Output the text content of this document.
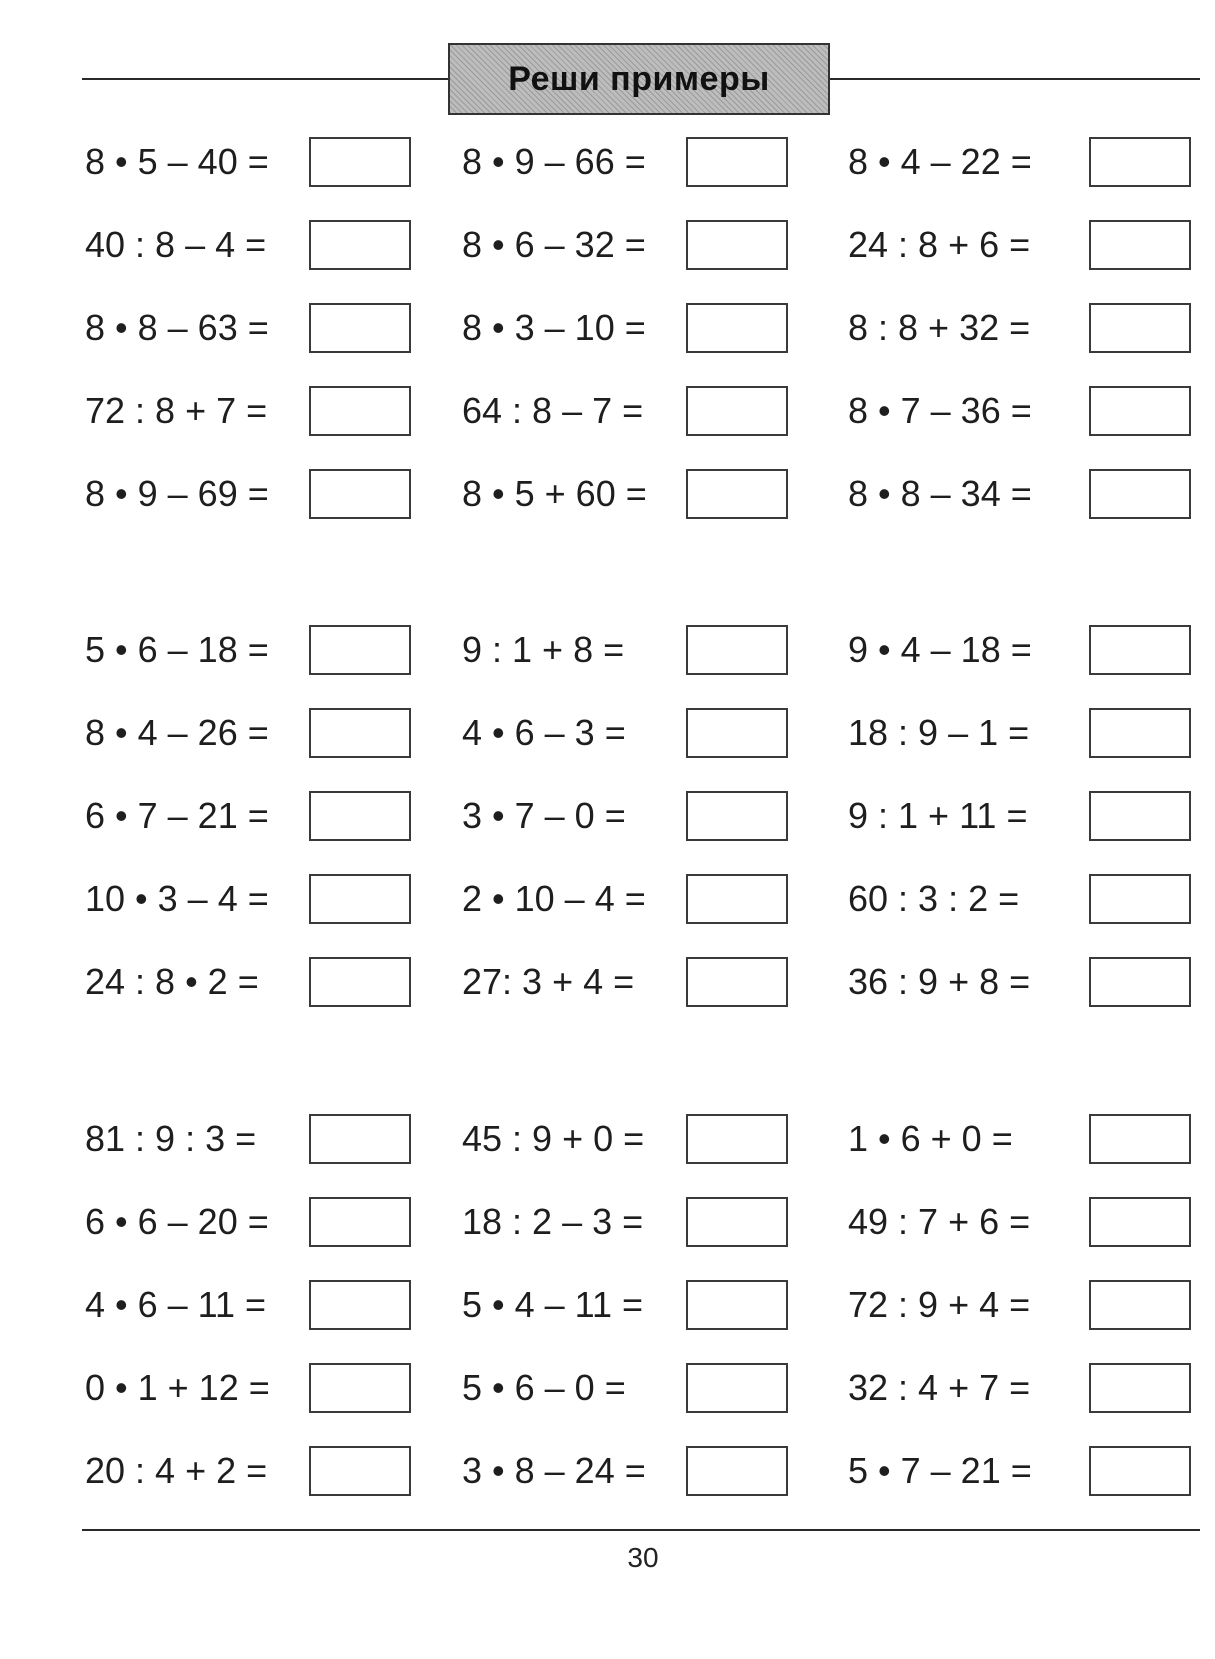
Реши примеры
8 • 5 – 40 =	8 • 9 – 66 =	8 • 4 – 22 =
40 : 8 – 4 =	8 • 6 – 32 =	24 : 8 + 6 =
8 • 8 – 63 =	8 • 3 – 10 =	8 : 8 + 32 =
72 : 8 + 7 =	64 : 8 – 7 =	8 • 7 – 36 =
8 • 9 – 69 =	8 • 5 + 60 =	8 • 8 – 34 =
5 • 6 – 18 =	9 : 1 + 8 =	9 • 4 – 18 =
8 • 4 – 26 =	4 • 6 – 3 =	18 : 9 – 1 =
6 • 7 – 21 =	3 • 7 – 0 =	9 : 1 + 11 =
10 • 3 – 4 =	2 • 10 – 4 =	60 : 3 : 2 =
24 : 8 • 2 =	27: 3 + 4 =	36 : 9 + 8 =
81 : 9 : 3 =	45 : 9 + 0 =	1 • 6 + 0 =
6 • 6 – 20 =	18 : 2 – 3 =	49 : 7 + 6 =
4 • 6 – 11 =	5 • 4 – 11 =	72 : 9 + 4 =
0 • 1 + 12 =	5 • 6 – 0 =	32 : 4 + 7 =
20 : 4 + 2 =	3 • 8 – 24 =	5 • 7 – 21 =
30
